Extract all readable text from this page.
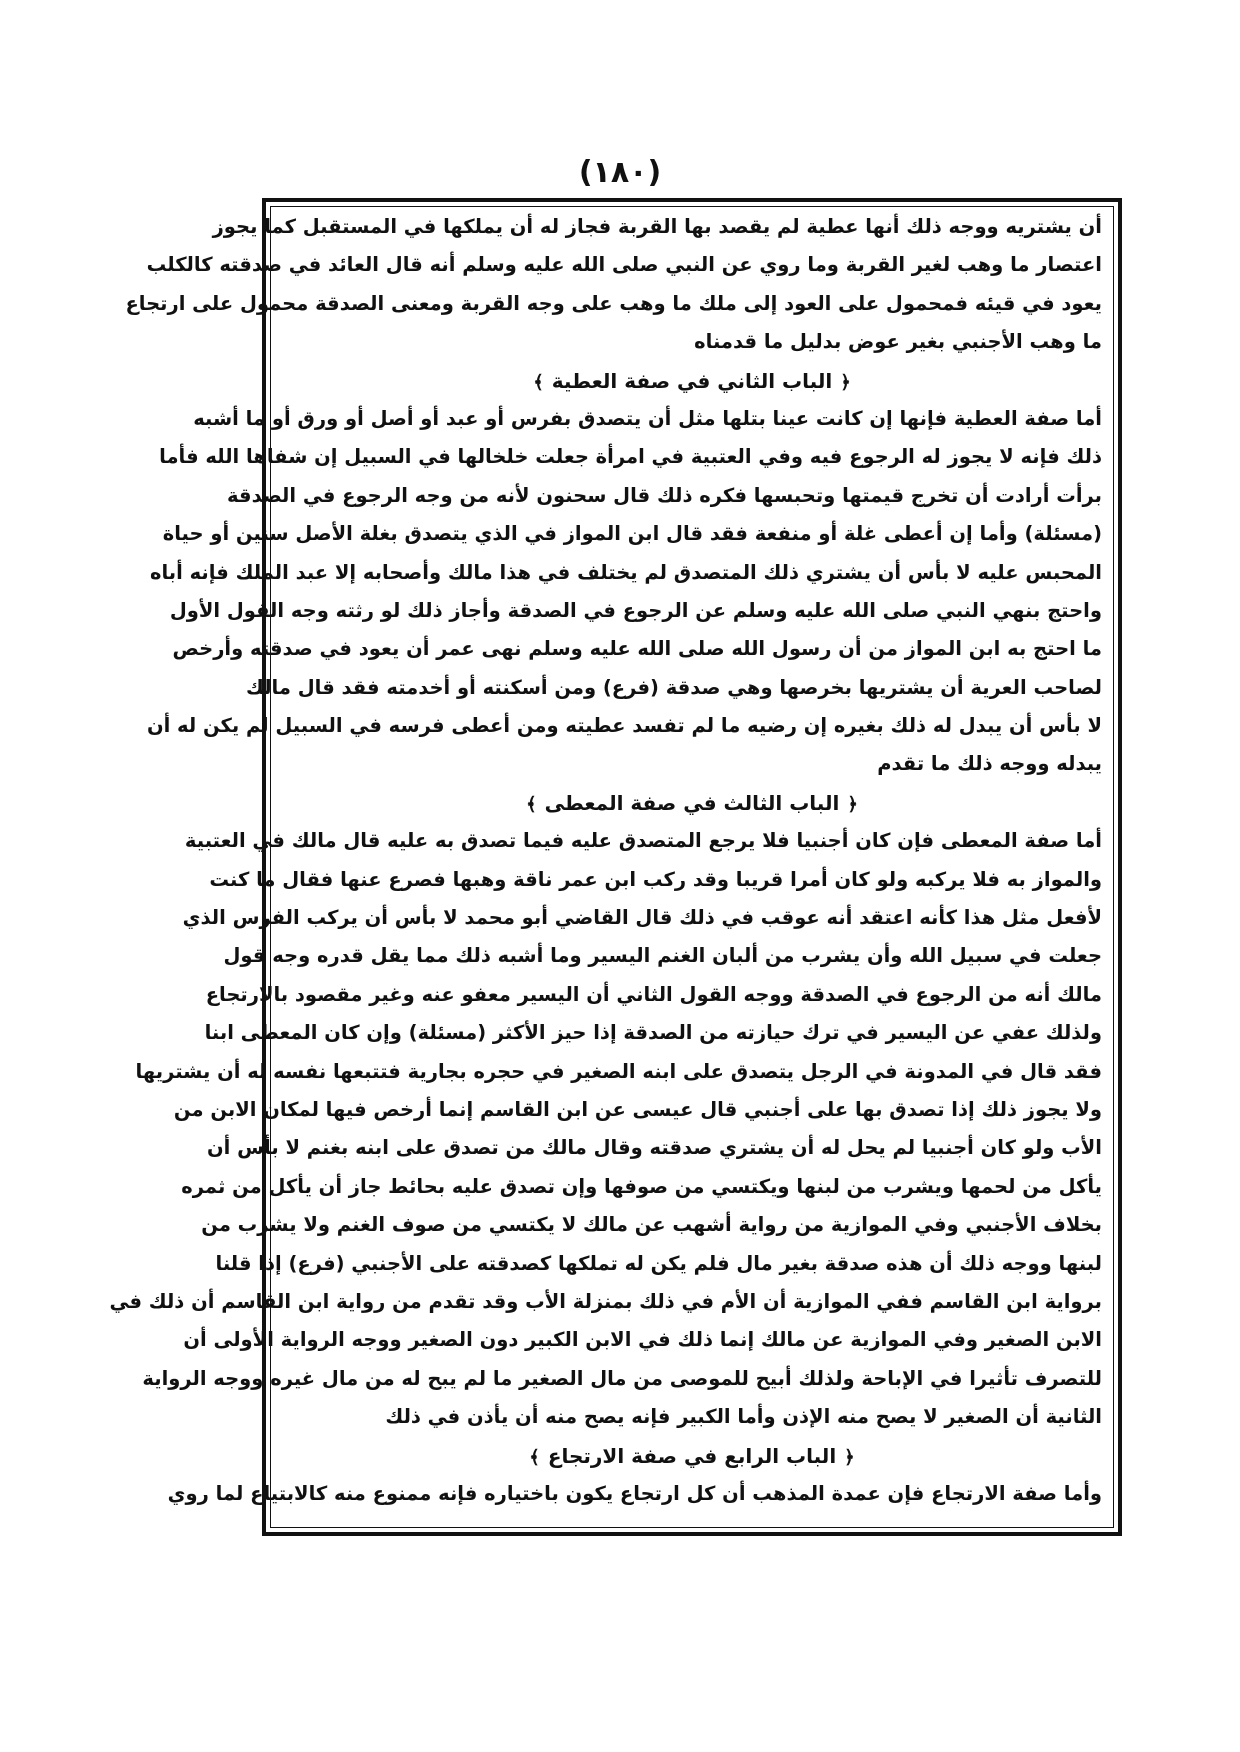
(١٨٠)
أن يشتريه ووجه ذلك أنها عطية لم يقصد بها القربة فجاز له أن يملكها في المستقبل كما يجوز
اعتصار ما وهب لغير القربة وما روي عن النبي صلى الله عليه وسلم أنه قال العائد في صدقته كالكلب
يعود في قيئه فمحمول على العود إلى ملك ما وهب على وجه القربة ومعنى الصدقة محمول على ارتجاع
ما وهب الأجنبي بغير عوض بدليل ما قدمناه
﴿الباب الثاني في صفة العطية﴾
أما صفة العطية فإنها إن كانت عينا بتلها مثل أن يتصدق بفرس أو عبد أو أصل أو ورق أو ما أشبه
ذلك فإنه لا يجوز له الرجوع فيه وفي العتبية في امرأة جعلت خلخالها في السبيل إن شفاها الله فأما
برأت أرادت أن تخرج قيمتها وتحبسها فكره ذلك قال سحنون لأنه من وجه الرجوع في الصدقة
(مسئلة) وأما إن أعطى غلة أو منفعة فقد قال ابن المواز في الذي يتصدق بغلة الأصل سنين أو حياة
المحبس عليه لا بأس أن يشتري ذلك المتصدق لم يختلف في هذا مالك وأصحابه إلا عبد الملك فإنه أباه
واحتج بنهي النبي صلى الله عليه وسلم عن الرجوع في الصدقة وأجاز ذلك لو رثته وجه القول الأول
ما احتج به ابن المواز من أن رسول الله صلى الله عليه وسلم نهى عمر أن يعود في صدقته وأرخص
لصاحب العرية أن يشتريها بخرصها وهي صدقة (فرع) ومن أسكنته أو أخدمته فقد قال مالك
لا بأس أن يبدل له ذلك بغيره إن رضيه ما لم تفسد عطيته ومن أعطى فرسه في السبيل لم يكن له أن
يبدله ووجه ذلك ما تقدم
﴿الباب الثالث في صفة المعطى﴾
أما صفة المعطى فإن كان أجنبيا فلا يرجع المتصدق عليه فيما تصدق به عليه قال مالك في العتبية
والمواز به فلا يركبه ولو كان أمرا قريبا وقد ركب ابن عمر ناقة وهبها فصرع عنها فقال ما كنت
لأفعل مثل هذا كأنه اعتقد أنه عوقب في ذلك قال القاضي أبو محمد لا بأس أن يركب الفرس الذي
جعلت في سبيل الله وأن يشرب من ألبان الغنم اليسير وما أشبه ذلك مما يقل قدره وجه قول
مالك أنه من الرجوع في الصدقة ووجه القول الثاني أن اليسير معفو عنه وغير مقصود بالارتجاع
ولذلك عفي عن اليسير في ترك حيازته من الصدقة إذا حيز الأكثر (مسئلة) وإن كان المعطى ابنا
فقد قال في المدونة في الرجل يتصدق على ابنه الصغير في حجره بجارية فتتبعها نفسه له أن يشتريها
ولا يجوز ذلك إذا تصدق بها على أجنبي قال عيسى عن ابن القاسم إنما أرخص فيها لمكان الابن من
الأب ولو كان أجنبيا لم يحل له أن يشتري صدقته وقال مالك من تصدق على ابنه بغنم لا بأس أن
يأكل من لحمها ويشرب من لبنها ويكتسي من صوفها وإن تصدق عليه بحائط جاز أن يأكل من ثمره
بخلاف الأجنبي وفي الموازية من رواية أشهب عن مالك لا يكتسي من صوف الغنم ولا يشرب من
لبنها ووجه ذلك أن هذه صدقة بغير مال فلم يكن له تملكها كصدقته على الأجنبي (فرع) إذا قلنا
برواية ابن القاسم ففي الموازية أن الأم في ذلك بمنزلة الأب وقد تقدم من رواية ابن القاسم أن ذلك في
الابن الصغير وفي الموازية عن مالك إنما ذلك في الابن الكبير دون الصغير ووجه الرواية الأولى أن
للتصرف تأثيرا في الإباحة ولذلك أبيح للموصى من مال الصغير ما لم يبح له من مال غيره ووجه الرواية
الثانية أن الصغير لا يصح منه الإذن وأما الكبير فإنه يصح منه أن يأذن في ذلك
﴿الباب الرابع في صفة الارتجاع﴾
وأما صفة الارتجاع فإن عمدة المذهب أن كل ارتجاع يكون باختياره فإنه ممنوع منه كالابتياع لما روي
